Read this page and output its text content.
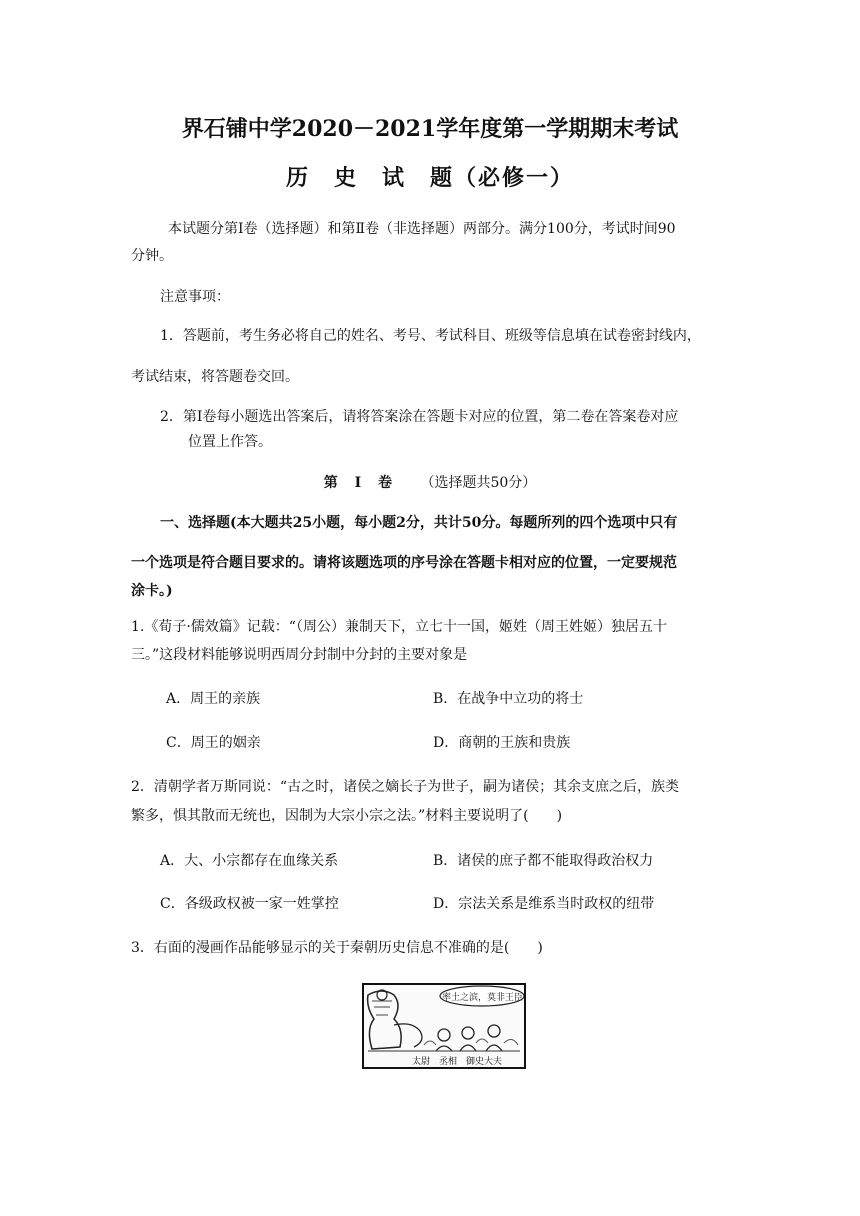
界石铺中学2020－2021学年度第一学期期末考试
历　史　试　题（必修一）
本试题分第Ⅰ卷（选择题）和第Ⅱ卷（非选择题）两部分。满分100分，考试时间90
分钟。
注意事项：
1．答题前，考生务必将自己的姓名、考号、考试科目、班级等信息填在试卷密封线内，
考试结束，将答题卷交回。
2．第Ⅰ卷每小题选出答案后，请将答案涂在答题卡对应的位置，第二卷在答案卷对应
位置上作答。
第 Ⅰ 卷 （选择题共50分）
一、选择题(本大题共25小题，每小题2分，共计50分。每题所列的四个选项中只有
一个选项是符合题目要求的。请将该题选项的序号涂在答题卡相对应的位置，一定要规范
涂卡。)
1.《荀子·儒效篇》记载：“（周公）兼制天下，立七十一国，姬姓（周王姓姬）独居五十
三。”这段材料能够说明西周分封制中分封的主要对象是
A．周王的亲族	B．在战争中立功的将士
C．周王的姻亲	D．商朝的王族和贵族
2．清朝学者万斯同说：“古之时，诸侯之嫡长子为世子，嗣为诸侯；其余支庶之后，族类
繁多，惧其散而无统也，因制为大宗小宗之法。”材料主要说明了(　　)
A．大、小宗都存在血缘关系	B．诸侯的庶子都不能取得政治权力
C．各级政权被一家一姓掌控	D．宗法关系是维系当时政权的纽带
3．右面的漫画作品能够显示的关于秦朝历史信息不准确的是(　　)
率土之滨，莫非王臣
太尉　丞相　御史大夫
